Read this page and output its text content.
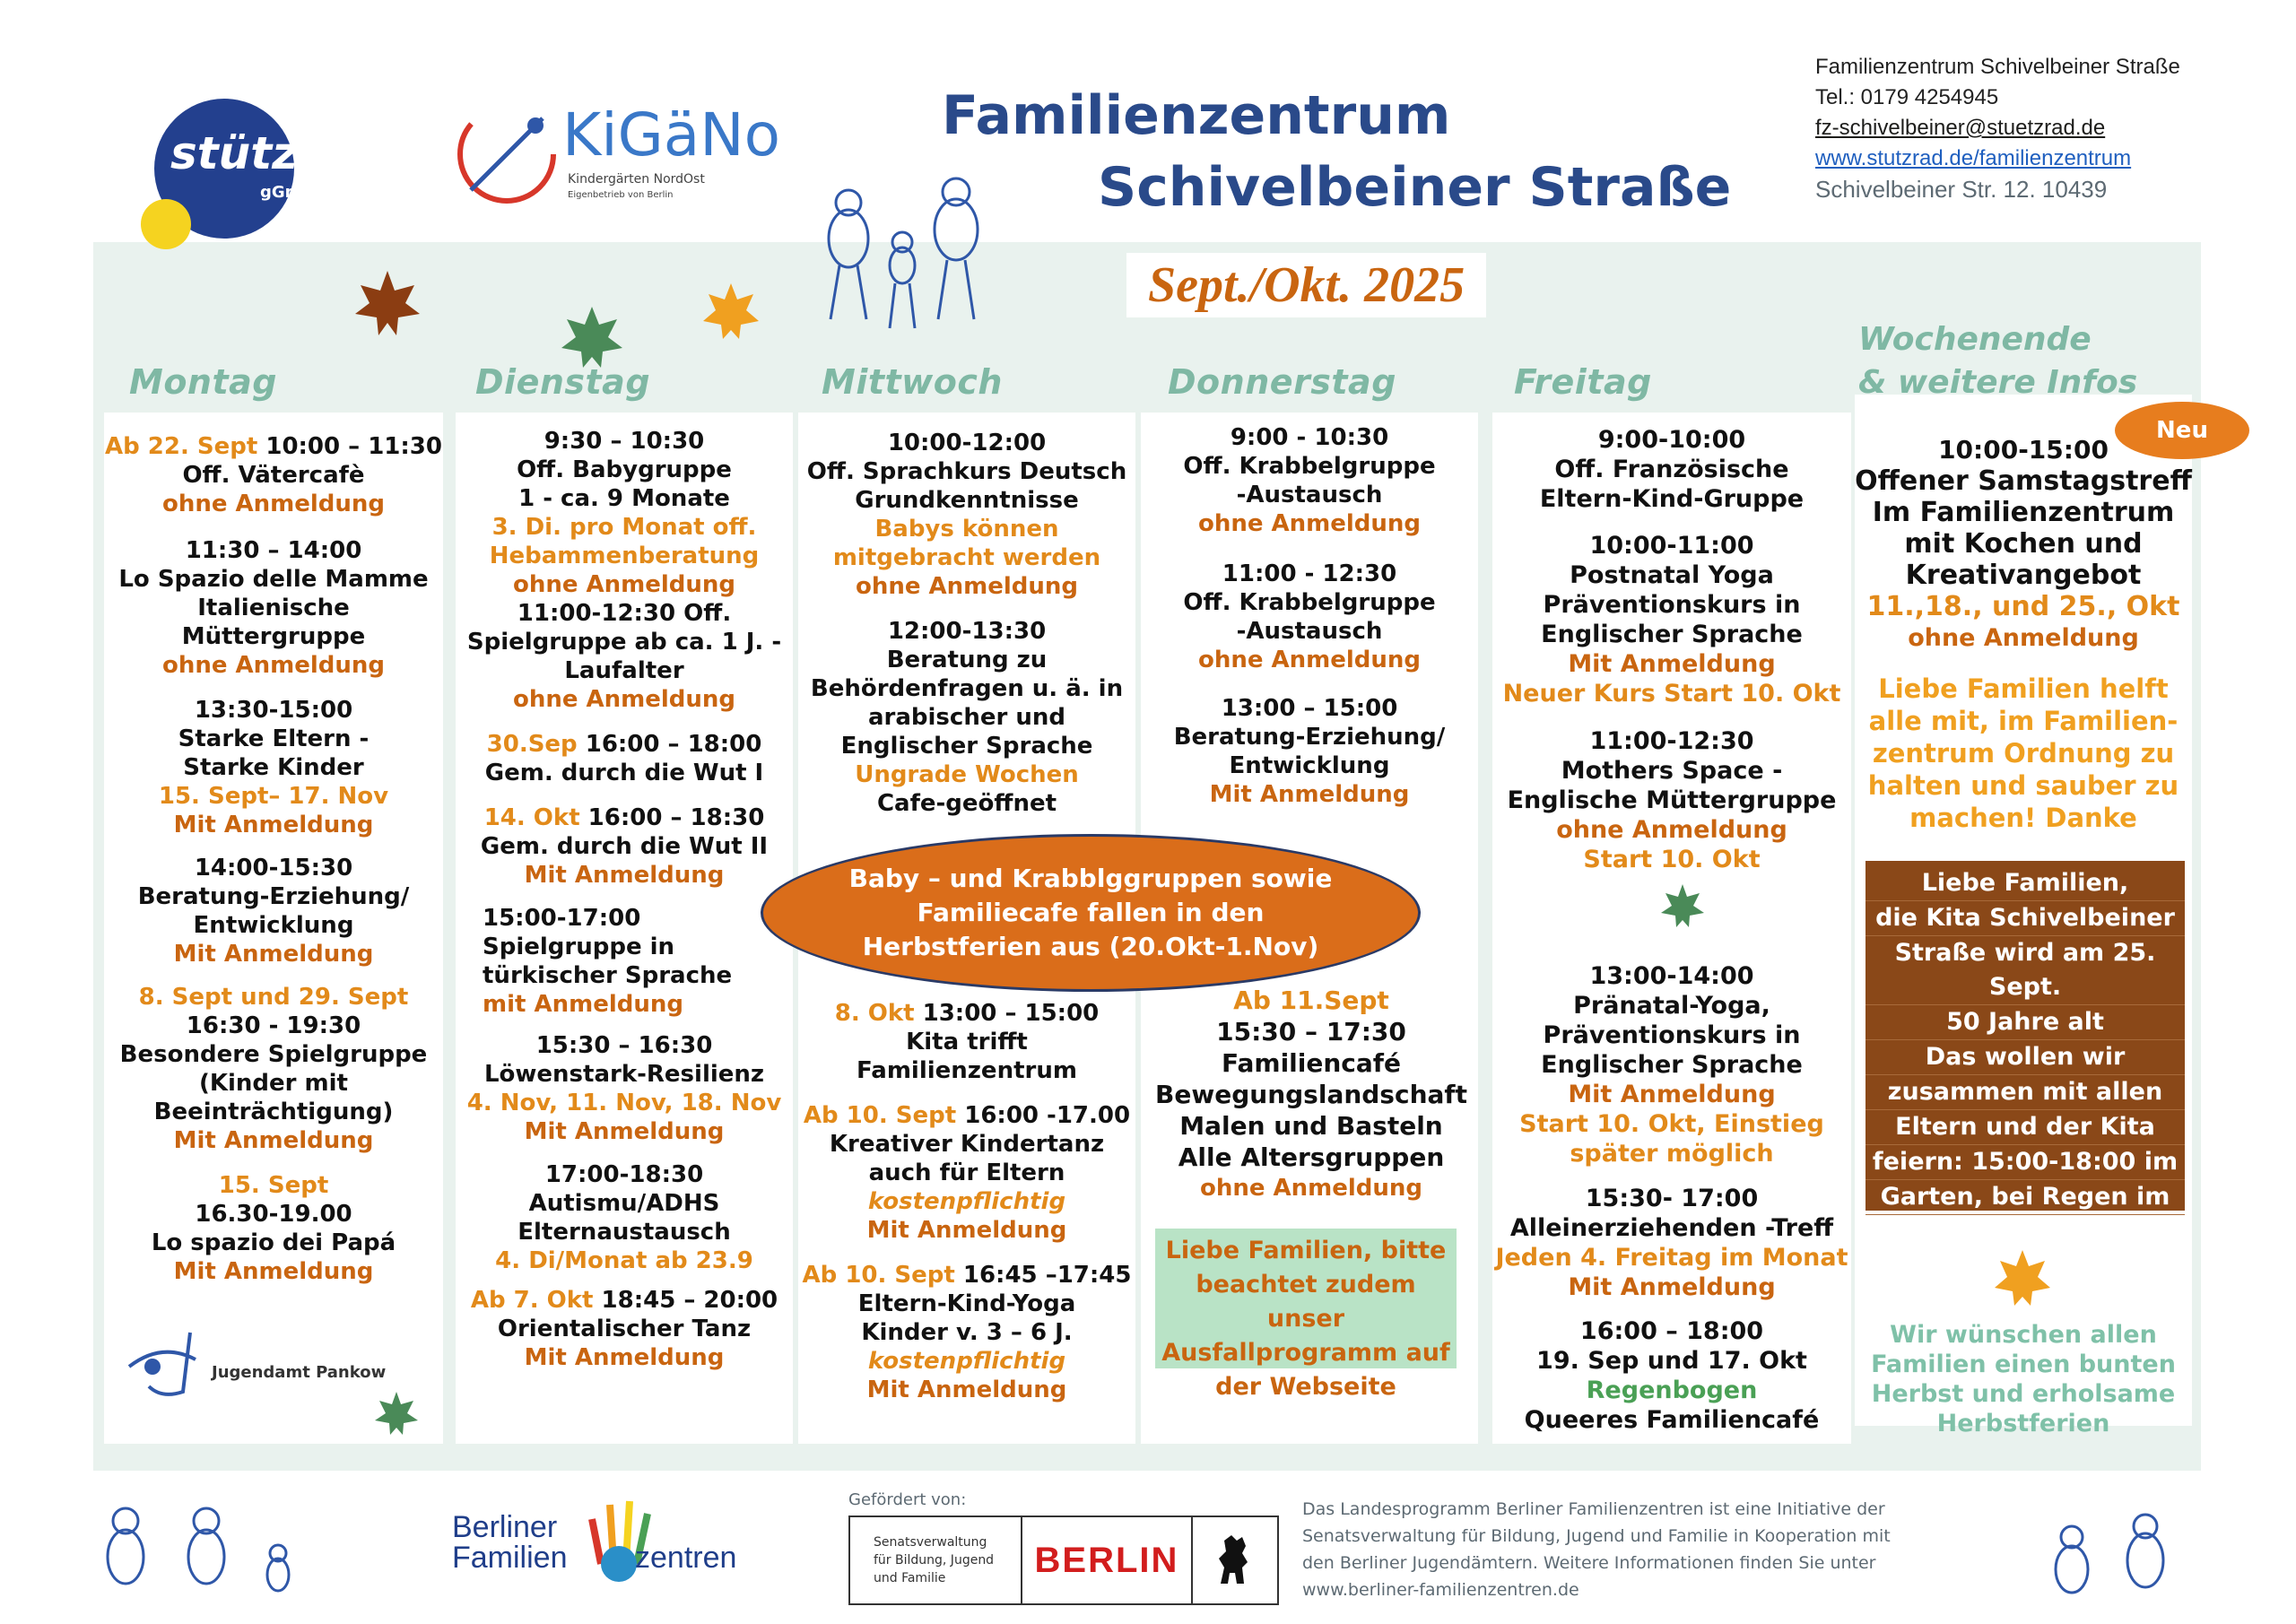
stützrad
gGmbH
KiGäNo
Kindergärten NordOst
Eigenbetrieb von Berlin
Familienzentrum
Schivelbeiner Straße
Familienzentrum Schivelbeiner Straße
Tel.: 0179 4254945
fz-schivelbeiner@stuetzrad.de
www.stutzrad.de/familienzentrum
Schivelbeiner Str. 12. 10439
Sept./Okt. 2025
Montag	Dienstag	Mittwoch	Donnerstag	Freitag
Wochenende
& weitere Infos
Ab 22. Sept 10:00 – 11:30
Off. Vätercafè
ohne Anmeldung
11:30 – 14:00
Lo Spazio delle Mamme
Italienische
Müttergruppe
ohne Anmeldung
13:30-15:00
Starke Eltern -
Starke Kinder
15. Sept– 17. Nov
Mit Anmeldung
14:00-15:30
Beratung-Erziehung/
Entwicklung
Mit Anmeldung
8. Sept und 29. Sept
16:30 - 19:30
Besondere Spielgruppe
(Kinder mit
Beeinträchtigung)
Mit Anmeldung
15. Sept
16.30-19.00
Lo spazio dei Papá
Mit Anmeldung
Jugendamt Pankow
9:30 – 10:30
Off. Babygruppe
1 - ca. 9 Monate
3. Di. pro Monat off.
Hebammenberatung
ohne Anmeldung
11:00-12:30 Off.
Spielgruppe ab ca. 1 J. -
Laufalter
ohne Anmeldung
30.Sep 16:00 – 18:00
Gem. durch die Wut I
14. Okt 16:00 – 18:30
Gem. durch die Wut II
Mit Anmeldung
15:00-17:00
Spielgruppe in
türkischer Sprache
mit Anmeldung
15:30 – 16:30
Löwenstark-Resilienz
4. Nov, 11. Nov, 18. Nov
Mit Anmeldung
17:00-18:30
Autismu/ADHS
Elternaustausch
4. Di/Monat ab 23.9
Ab 7. Okt 18:45 – 20:00
Orientalischer Tanz
Mit Anmeldung
10:00-12:00
Off. Sprachkurs Deutsch
Grundkenntnisse
Babys können
mitgebracht werden
ohne Anmeldung
12:00-13:30
Beratung zu
Behördenfragen u. ä. in
arabischer und
Englischer Sprache
Ungrade Wochen
Cafe-geöffnet
8. Okt 13:00 – 15:00
Kita trifft
Familienzentrum
Ab 10. Sept 16:00 -17.00
Kreativer Kindertanz
auch für Eltern
kostenpflichtig
Mit Anmeldung
Ab 10. Sept 16:45 –17:45
Eltern-Kind-Yoga
Kinder v. 3 – 6 J.
kostenpflichtig
Mit Anmeldung
9:00 - 10:30
Off. Krabbelgruppe
-Austausch
ohne Anmeldung
11:00 - 12:30
Off. Krabbelgruppe
-Austausch
ohne Anmeldung
13:00 – 15:00
Beratung-Erziehung/
Entwicklung
Mit Anmeldung
Ab 11.Sept
15:30 – 17:30
Familiencafé
Bewegungslandschaft
Malen und Basteln
Alle Altersgruppen
ohne Anmeldung
Liebe Familien, bitte
beachtet zudem unser
Ausfallprogramm auf
der Webseite
9:00-10:00
Off. Französische
Eltern-Kind-Gruppe
10:00-11:00
Postnatal Yoga
Präventionskurs in
Englischer Sprache
Mit Anmeldung
Neuer Kurs Start 10. Okt
11:00-12:30
Mothers Space -
Englische Müttergruppe
ohne Anmeldung
Start 10. Okt
13:00-14:00
Pränatal-Yoga,
Präventionskurs in
Englischer Sprache
Mit Anmeldung
Start 10. Okt, Einstieg
später möglich
15:30- 17:00
Alleinerziehenden -Treff
Jeden 4. Freitag im Monat
Mit Anmeldung
16:00 – 18:00
19. Sep und 17. Okt
Regenbogen
Queeres Familiencafé
Neu
10:00-15:00
Offener Samstagstreff
Im Familienzentrum
mit Kochen und
Kreativangebot
11.,18., und 25., Okt
ohne Anmeldung
Liebe Familien helft
alle mit, im Familien-
zentrum Ordnung zu
halten und sauber zu
machen! Danke
Liebe Familien,
die Kita Schivelbeiner
Straße wird am 25. Sept.
50 Jahre alt
Das wollen wir
zusammen mit allen
Eltern und der Kita
feiern: 15:00-18:00 im
Garten, bei Regen im
ganzen Haus
Wir wünschen allen
Familien einen bunten
Herbst und erholsame
Herbstferien
Baby – und Krabblggruppen sowie
Familiecafe fallen in den
Herbstferien aus (20.Okt-1.Nov)
Berliner
Familien zentren
Gefördert von:
Senatsverwaltung
für Bildung, Jugend
und Familie	BERLIN
Das Landesprogramm Berliner Familienzentren ist eine Initiative der
Senatsverwaltung für Bildung, Jugend und Familie in Kooperation mit
den Berliner Jugendämtern. Weitere Informationen finden Sie unter
www.berliner-familienzentren.de
